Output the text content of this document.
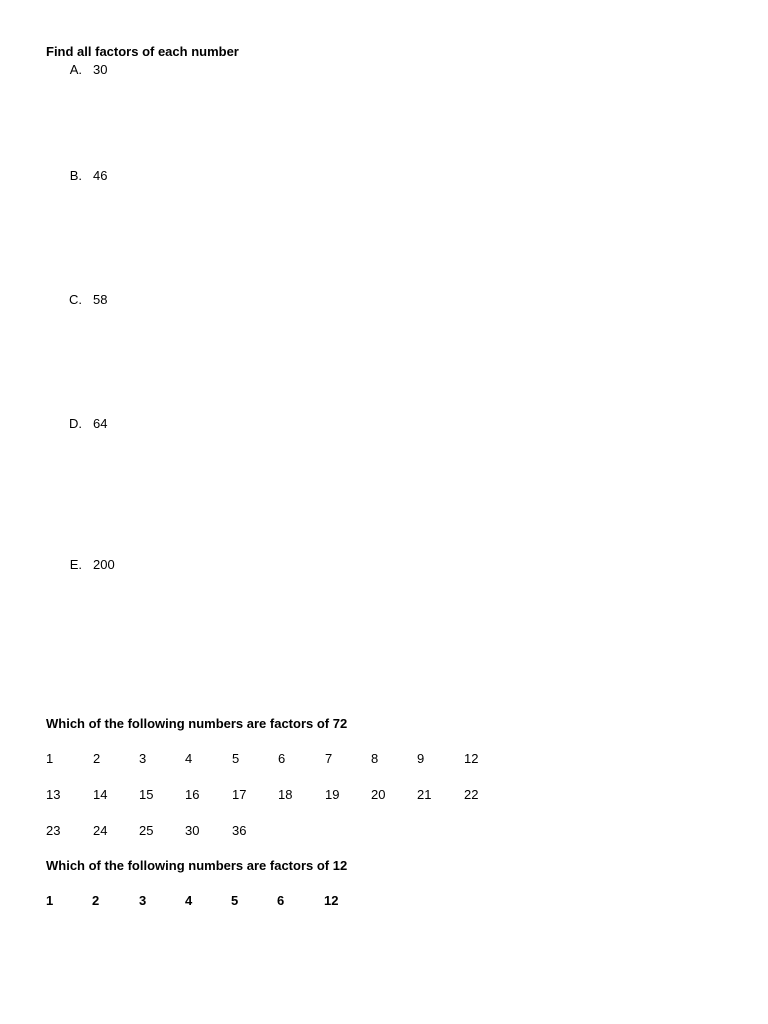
Find all factors of each number
A. 30
B. 46
C. 58
D. 64
E. 200
Which of the following numbers are factors of 72
1	2	3	4	5	6	7	8	9	12
13	14 15 16	17 18	19 20 21	22
23	24 25 30	36
Which of the following numbers are factors of 12
1	2	3	4	5	6	12
